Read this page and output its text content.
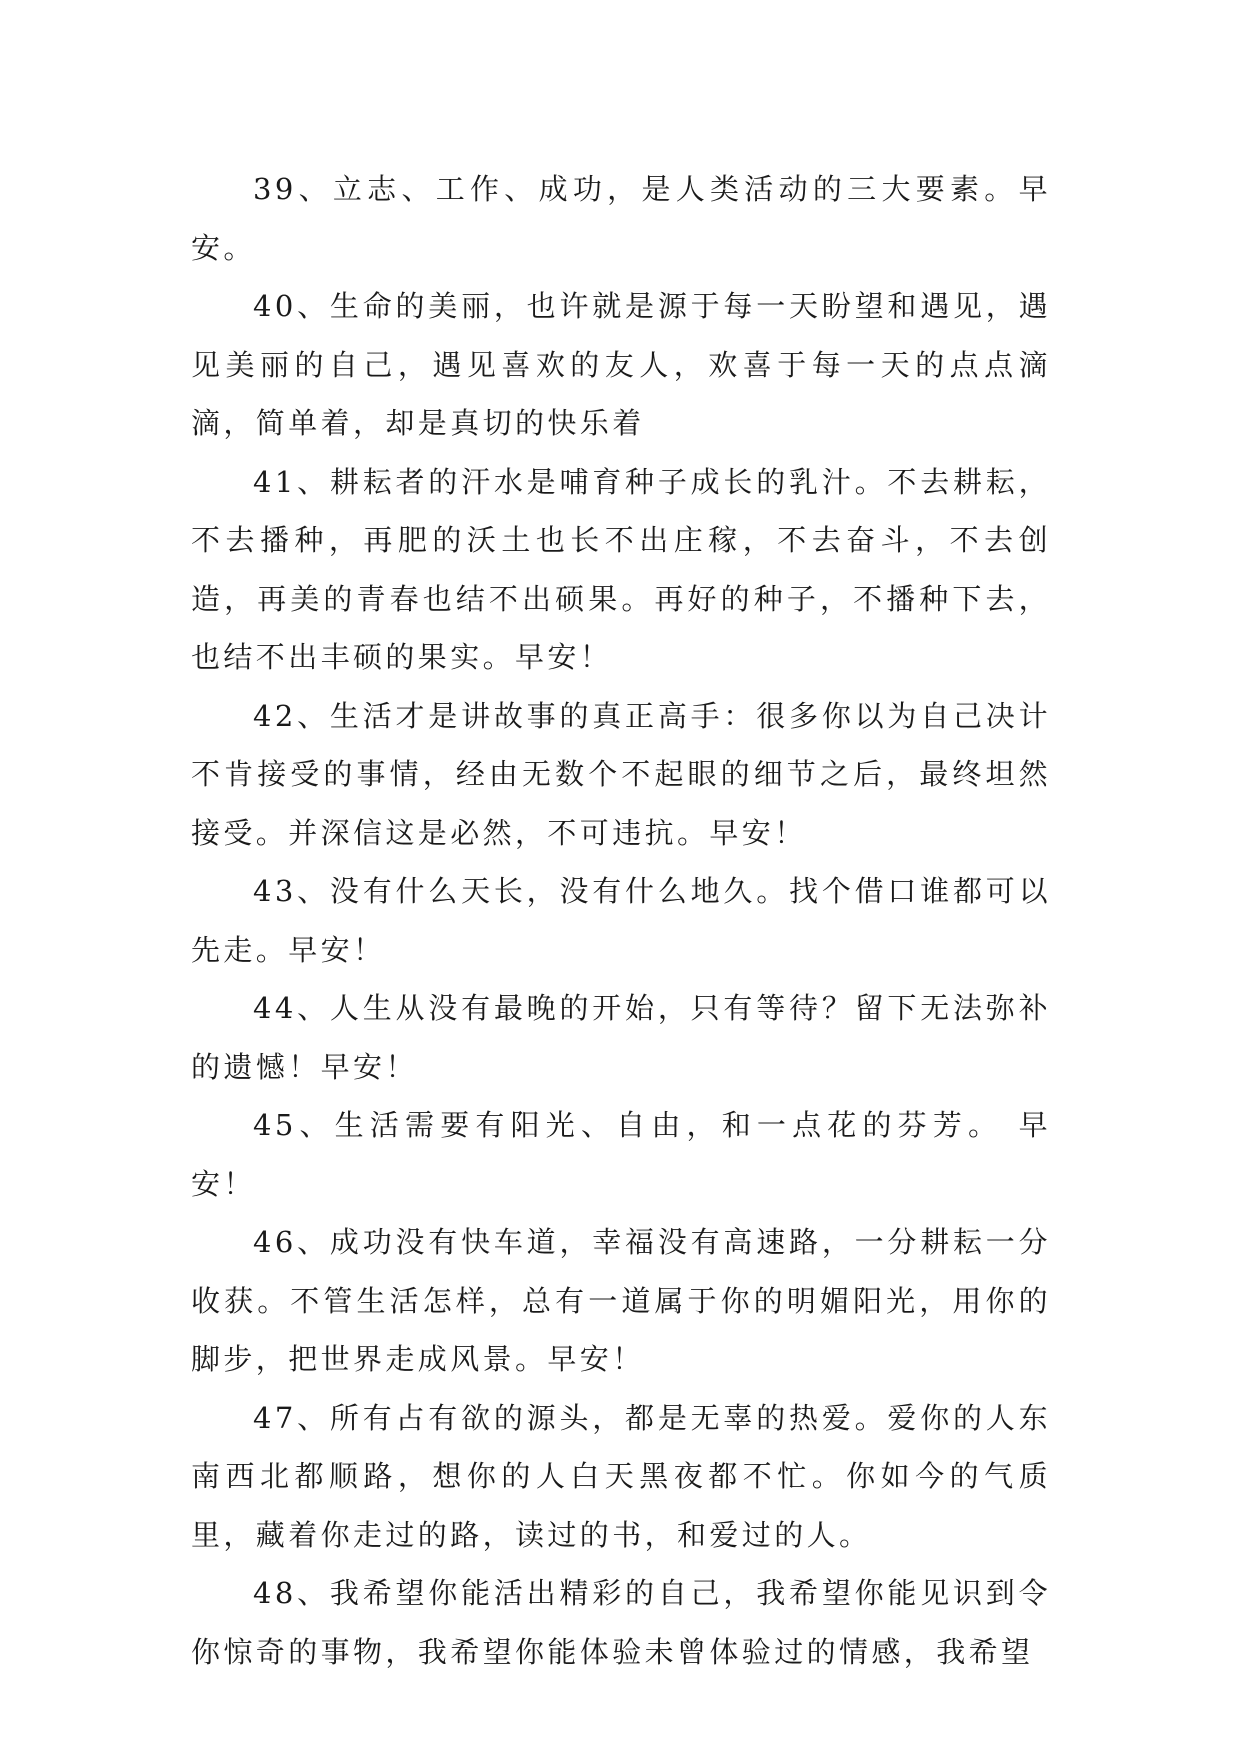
39、立志、工作、成功，是人类活动的三大要素。早安。

40、生命的美丽，也许就是源于每一天盼望和遇见，遇见美丽的自己，遇见喜欢的友人，欢喜于每一天的点点滴滴，简单着，却是真切的快乐着

41、耕耘者的汗水是哺育种子成长的乳汁。不去耕耘，不去播种，再肥的沃土也长不出庄稼，不去奋斗，不去创造，再美的青春也结不出硕果。再好的种子，不播种下去，也结不出丰硕的果实。早安！

42、生活才是讲故事的真正高手：很多你以为自己决计不肯接受的事情，经由无数个不起眼的细节之后，最终坦然接受。并深信这是必然，不可违抗。早安！

43、没有什么天长，没有什么地久。找个借口谁都可以先走。早安！

44、人生从没有最晚的开始，只有等待？留下无法弥补的遗憾！早安！

45、生活需要有阳光、自由，和一点花的芬芳。 早安！

46、成功没有快车道，幸福没有高速路，一分耕耘一分收获。不管生活怎样，总有一道属于你的明媚阳光，用你的脚步，把世界走成风景。早安！

47、所有占有欲的源头，都是无辜的热爱。爱你的人东南西北都顺路，想你的人白天黑夜都不忙。你如今的气质里，藏着你走过的路，读过的书，和爱过的人。

48、我希望你能活出精彩的自己，我希望你能见识到令你惊奇的事物，我希望你能体验未曾体验过的情感，我希望
